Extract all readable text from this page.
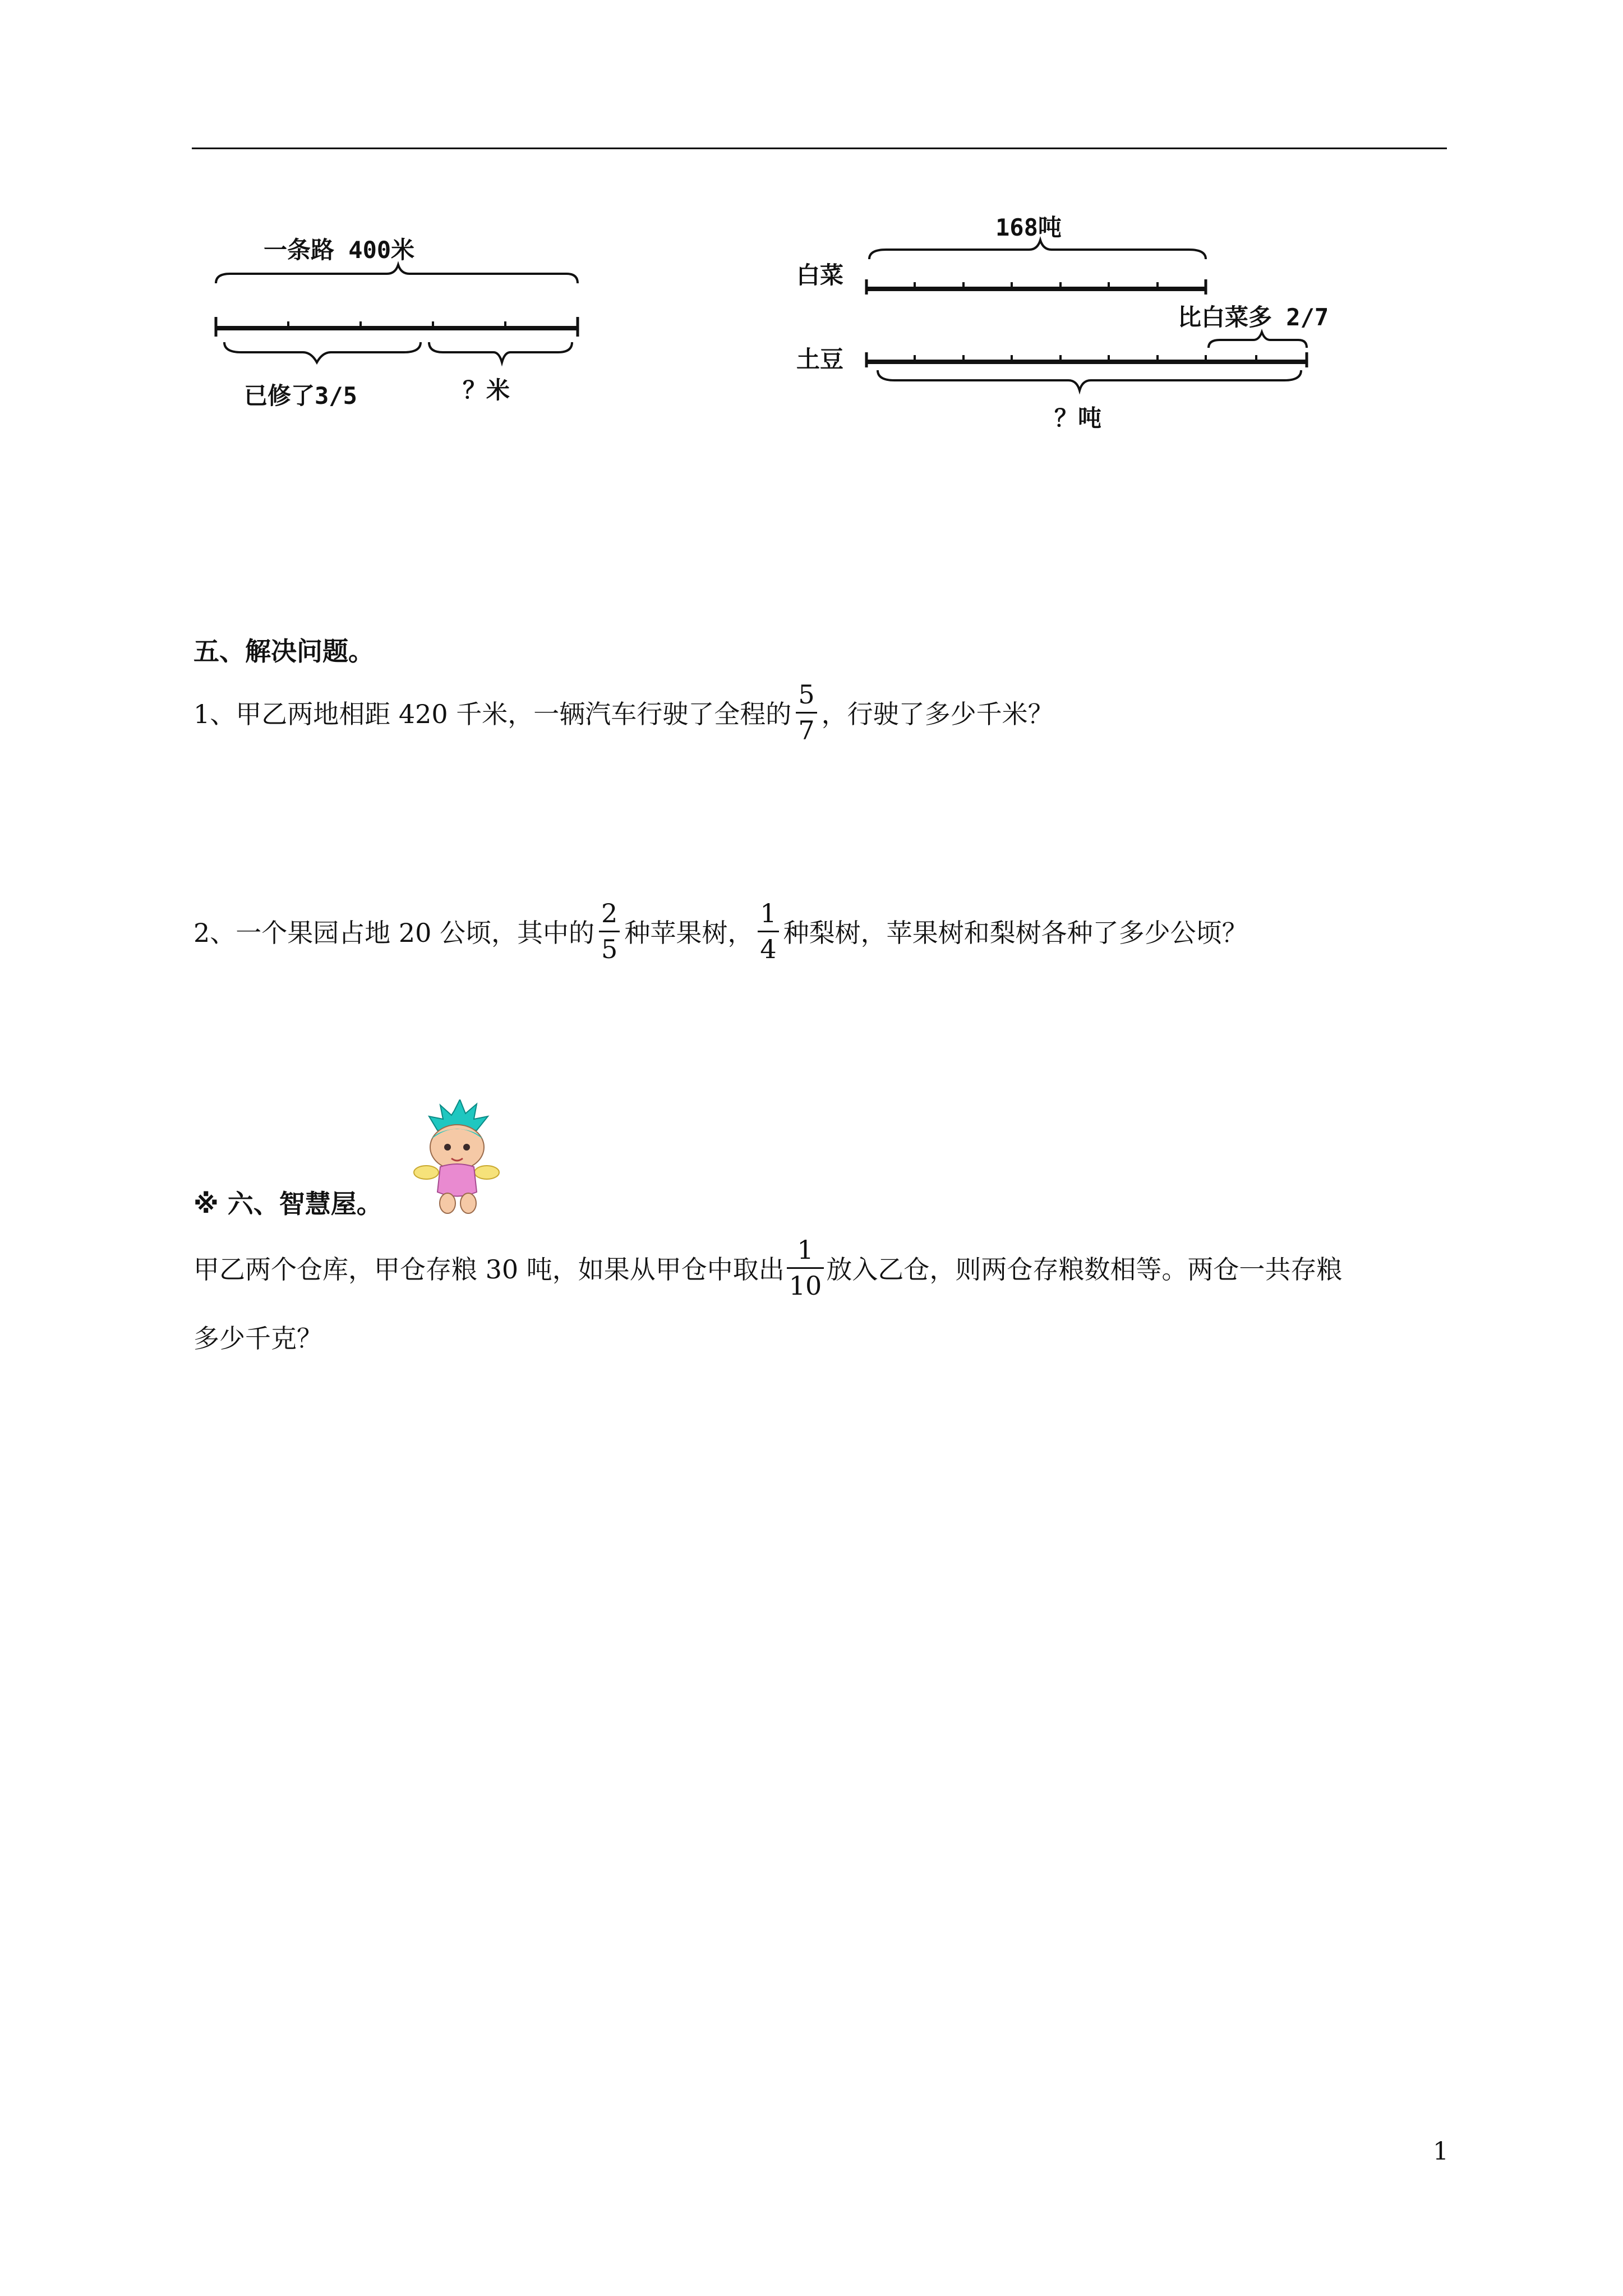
一条路 400米
已修了3/5	？米
168吨
白菜
比白菜多 2/7
土豆
？吨
五、解决问题。
1、甲乙两地相距 420 千米，一辆汽车行驶了全程的 $\frac{5}{7}$ ，行驶了多少千米？
2、一个果园占地 20 公顷，其中的 $\frac{2}{5}$ 种苹果树， $\frac{1}{4}$ 种梨树，苹果树和梨树各种了多少公顷？
※ 六、智慧屋。
甲乙两个仓库，甲仓存粮 30 吨，如果从甲仓中取出 $\frac{1}{10}$ 放入乙仓，则两仓存粮数相等。两仓一共存粮
多少千克？
1
